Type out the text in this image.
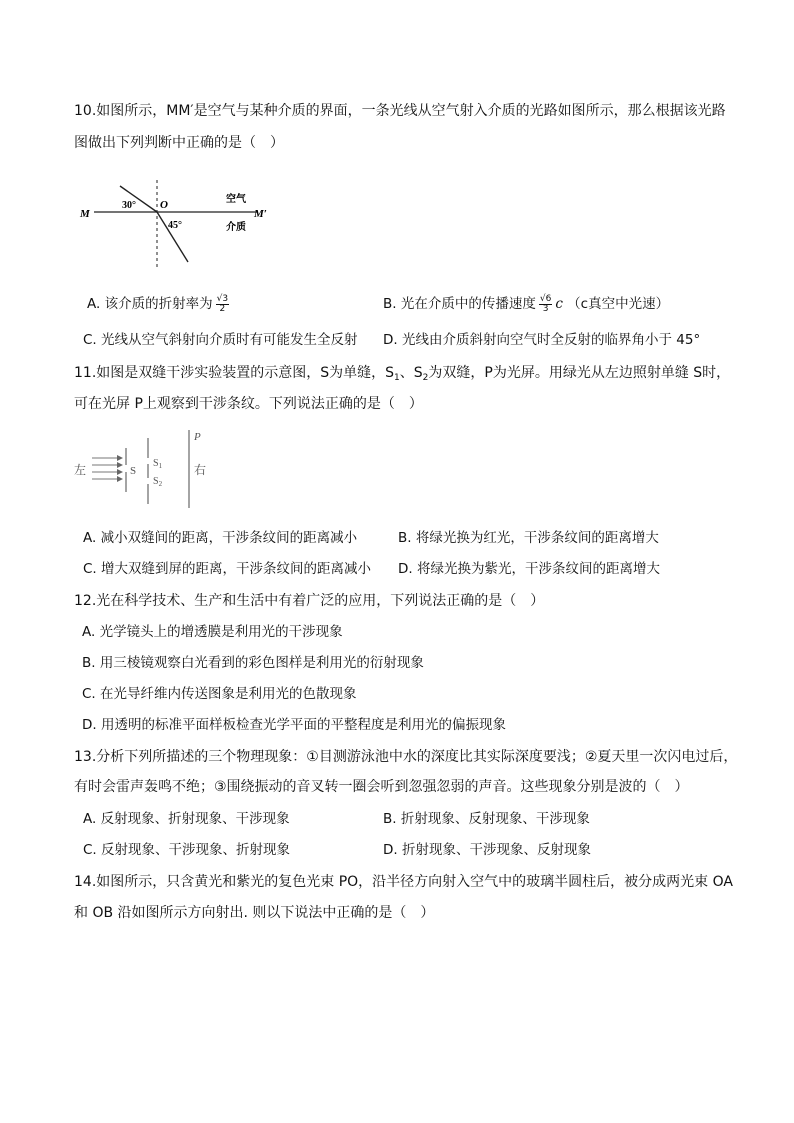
10.如图所示，MM′是空气与某种介质的界面，一条光线从空气射入介质的光路如图所示，那么根据该光路
图做出下列判断中正确的是（　）
M
30° O
45°
空气
介质
M′
A. 该介质的折射率为 $\frac{√3}{2}$	B. 光在介质中的传播速度 $\frac{√6}{3}$ c （c真空中光速）
C. 光线从空气斜射向介质时有可能发生全反射 D. 光线由介质斜射向空气时全反射的临界角小于 45°
11.如图是双缝干涉实验装置的示意图，S为单缝，$S_1$、$S_2$为双缝，P为光屏。用绿光从左边照射单缝 S时，
可在光屏 P上观察到干涉条纹。下列说法正确的是（　）
左	S
$S_1$
$S_2$
P
右
A. 减小双缝间的距离，干涉条纹间的距离减小	B. 将绿光换为红光，干涉条纹间的距离增大
C. 增大双缝到屏的距离，干涉条纹间的距离减小 D. 将绿光换为紫光，干涉条纹间的距离增大
12.光在科学技术、生产和生活中有着广泛的应用，下列说法正确的是（　）
A. 光学镜头上的增透膜是利用光的干涉现象
B. 用三棱镜观察白光看到的彩色图样是利用光的衍射现象
C. 在光导纤维内传送图象是利用光的色散现象
D. 用透明的标准平面样板检查光学平面的平整程度是利用光的偏振现象
13.分析下列所描述的三个物理现象：①目测游泳池中水的深度比其实际深度要浅；②夏天里一次闪电过后，
有时会雷声轰鸣不绝；③围绕振动的音叉转一圈会听到忽强忽弱的声音。这些现象分别是波的（　）
A. 反射现象、折射现象、干涉现象	B. 折射现象、反射现象、干涉现象
C. 反射现象、干涉现象、折射现象	D. 折射现象、干涉现象、反射现象
14.如图所示，只含黄光和紫光的复色光束 PO，沿半径方向射入空气中的玻璃半圆柱后，被分成两光束 OA
和 OB 沿如图所示方向射出. 则以下说法中正确的是（　）
